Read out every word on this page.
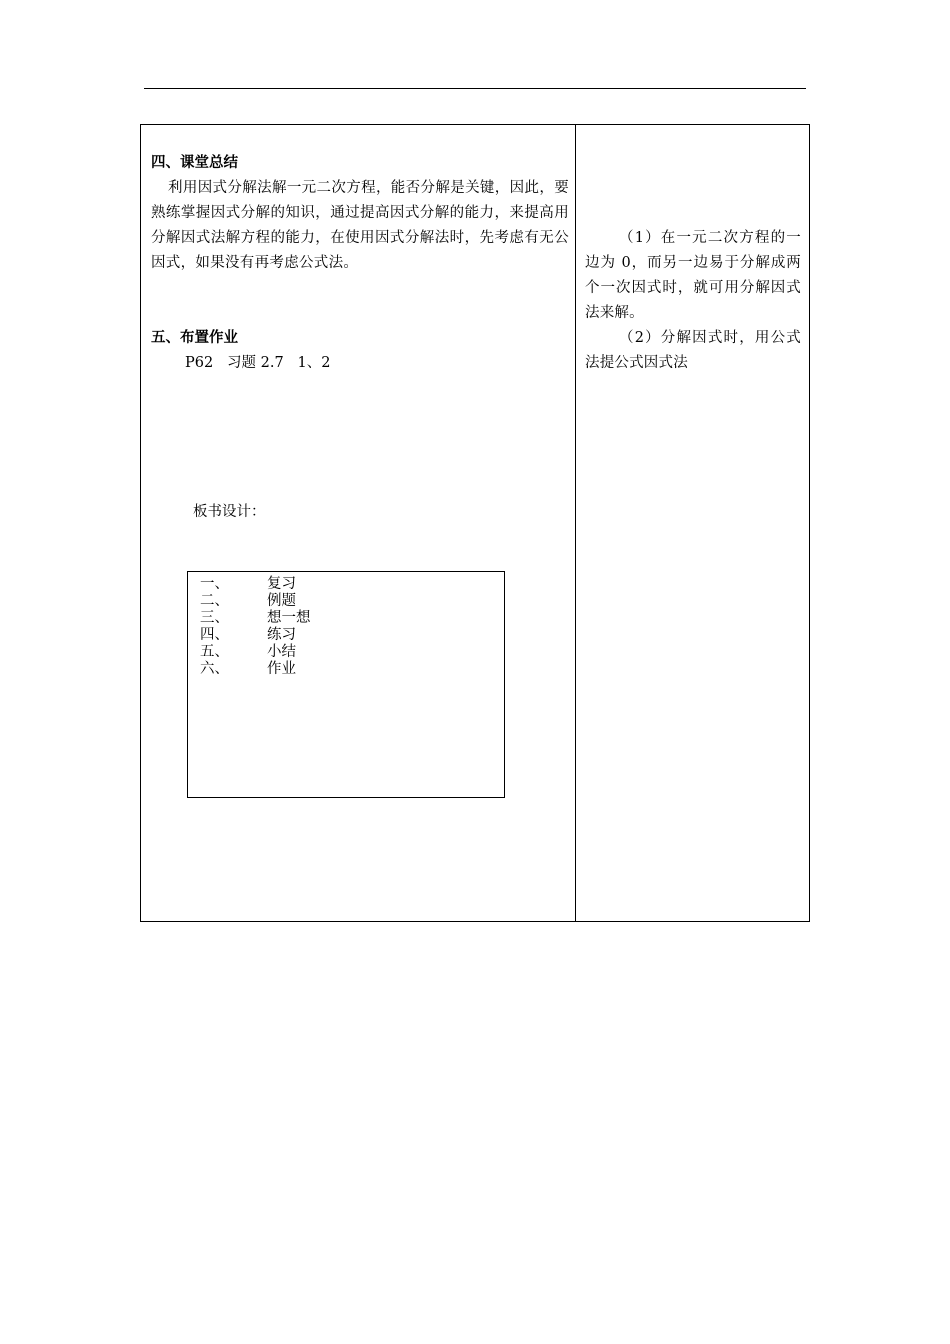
四、课堂总结

利用因式分解法解一元二次方程，能否分解是关键，因此，要熟练掌握因式分解的知识，通过提高因式分解的能力，来提高用分解因式法解方程的能力，在使用因式分解法时，先考虑有无公因式，如果没有再考虑公式法。

五、布置作业

P62   习题 2.7   1、2

板书设计：
一、	复习
二、	例题
三、	想一想
四、	练习
五、	小结
六、	作业

（1）在一元二次方程的一边为 0，而另一边易于分解成两个一次因式时，就可用分解因式法来解。

（2）分解因式时，用公式法提公式因式法
